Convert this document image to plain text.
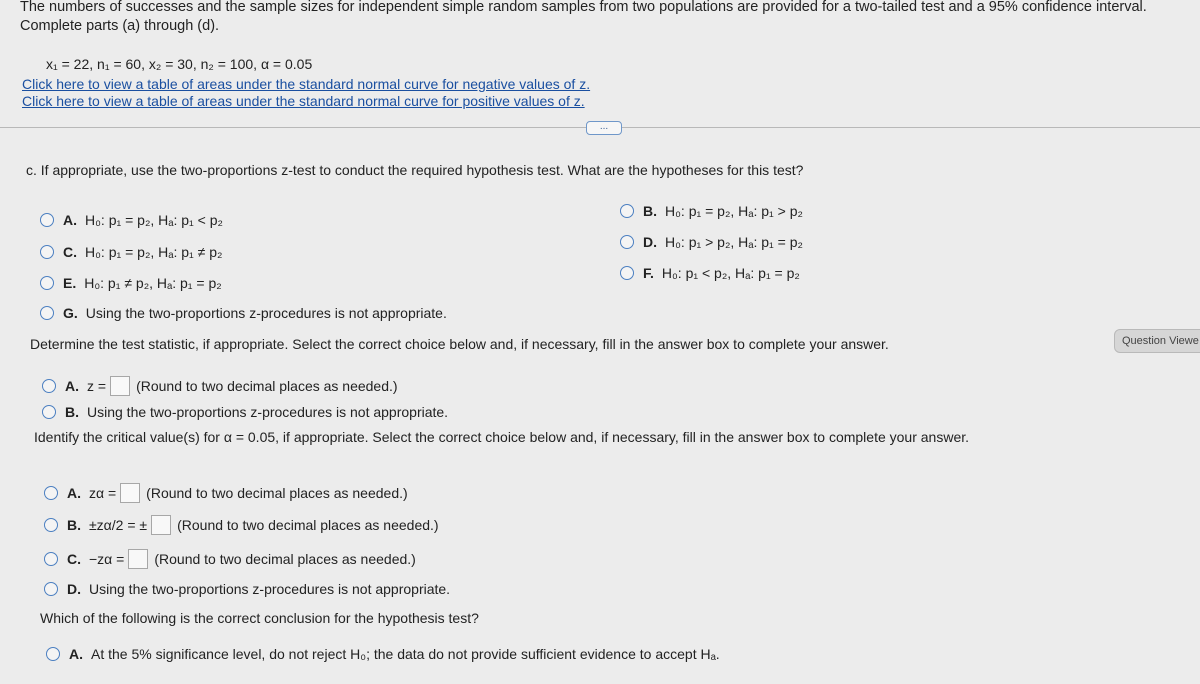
The numbers of successes and the sample sizes for independent simple random samples from two populations are provided for a two-tailed test and a 95% confidence interval. Complete parts (a) through (d).
x₁ = 22, n₁ = 60, x₂ = 30, n₂ = 100, α = 0.05
Click here to view a table of areas under the standard normal curve for negative values of z.
Click here to view a table of areas under the standard normal curve for positive values of z.
...
Question Viewe
c. If appropriate, use the two-proportions z-test to conduct the required hypothesis test. What are the hypotheses for this test?
A. H₀: p₁ = p₂, Hₐ: p₁ < p₂
B. H₀: p₁ = p₂, Hₐ: p₁ > p₂
C. H₀: p₁ = p₂, Hₐ: p₁ ≠ p₂
D. H₀: p₁ > p₂, Hₐ: p₁ = p₂
E. H₀: p₁ ≠ p₂, Hₐ: p₁ = p₂
F. H₀: p₁ < p₂, Hₐ: p₁ = p₂
G. Using the two-proportions z-procedures is not appropriate.
Determine the test statistic, if appropriate. Select the correct choice below and, if necessary, fill in the answer box to complete your answer.
A. z = (Round to two decimal places as needed.)
B. Using the two-proportions z-procedures is not appropriate.
Identify the critical value(s) for α = 0.05, if appropriate. Select the correct choice below and, if necessary, fill in the answer box to complete your answer.
A. zα = (Round to two decimal places as needed.)
B. ±zα/2 = ± (Round to two decimal places as needed.)
C. −zα = (Round to two decimal places as needed.)
D. Using the two-proportions z-procedures is not appropriate.
Which of the following is the correct conclusion for the hypothesis test?
A. At the 5% significance level, do not reject H₀; the data do not provide sufficient evidence to accept Hₐ.
